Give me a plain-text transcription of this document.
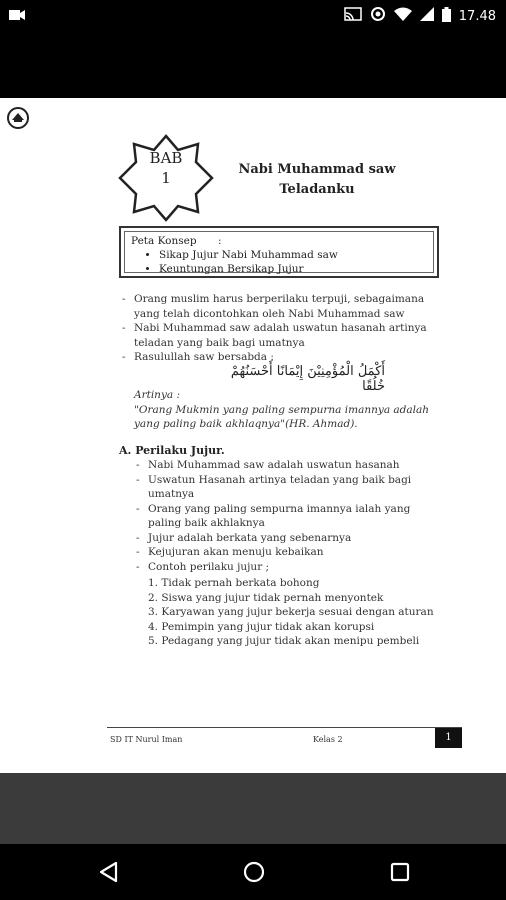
17.48
BAB
1	Nabi Muhammad saw
Teladanku
Peta Konsep :
• Sikap Jujur Nabi Muhammad saw
• Keuntungan Bersikap Jujur
- Orang muslim harus berperilaku terpuji, sebagaimana yang telah dicontohkan oleh Nabi Muhammad saw
- Nabi Muhammad saw adalah uswatun hasanah artinya teladan yang baik bagi umatnya
- Rasulullah saw bersabda :
أَكْمَلُ الْمُؤْمِنِيْنَ إِيْمَانًا أَحْسَنُهُمْ خُلُقًا
Artinya :
"Orang Mukmin yang paling sempurna imannya adalah yang paling baik akhlaqnya"(HR. Ahmad).
A. Perilaku Jujur.
- Nabi Muhammad saw adalah uswatun hasanah
- Uswatun Hasanah artinya teladan yang baik bagi umatnya
- Orang yang paling sempurna imannya ialah yang paling baik akhlaknya
- Jujur adalah berkata yang sebenarnya
- Kejujuran akan menuju kebaikan
- Contoh perilaku jujur ;
1. Tidak pernah berkata bohong
2. Siswa yang jujur tidak pernah menyontek
3. Karyawan yang jujur bekerja sesuai dengan aturan
4. Pemimpin yang jujur tidak akan korupsi
5. Pedagang yang jujur tidak akan menipu pembeli
SD IT Nurul Iman	Kelas 2	1
